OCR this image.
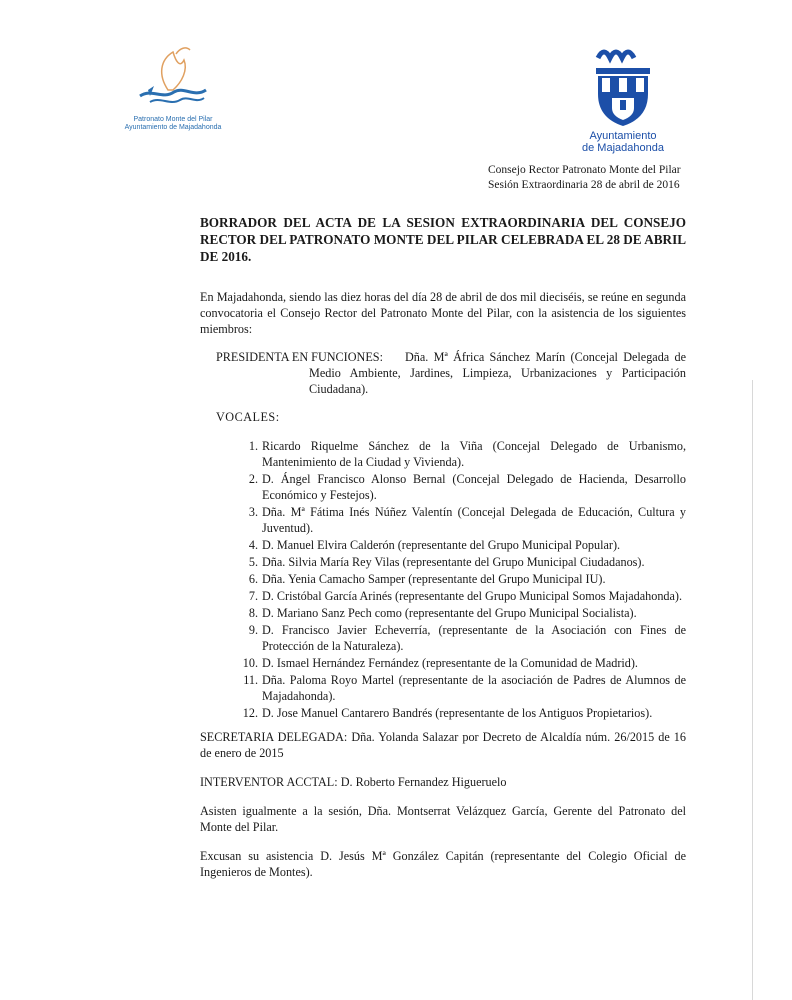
Patronato Monte del Pilar
Ayuntamiento de Majadahonda
Ayuntamiento
de Majadahonda
Consejo Rector Patronato Monte del Pilar
Sesión Extraordinaria 28 de abril de 2016
BORRADOR DEL ACTA DE LA SESION EXTRAORDINARIA DEL CONSEJO RECTOR DEL PATRONATO MONTE DEL PILAR CELEBRADA EL 28 DE ABRIL DE 2016.

En Majadahonda, siendo las diez horas del día 28 de abril de dos mil dieciséis, se reúne en segunda convocatoria el Consejo Rector del Patronato Monte del Pilar, con la asistencia de los siguientes miembros:

PRESIDENTA EN FUNCIONES:	Dña. Mª África Sánchez Marín (Concejal Delegada de Medio Ambiente, Jardines, Limpieza, Urbanizaciones y Participación Ciudadana).
VOCALES:
1. Ricardo Riquelme Sánchez de la Viña (Concejal Delegado de Urbanismo, Mantenimiento de la Ciudad y Vivienda).
2. D. Ángel Francisco Alonso Bernal (Concejal Delegado de Hacienda, Desarrollo Económico y Festejos).
3. Dña. Mª Fátima Inés Núñez Valentín (Concejal Delegada de Educación, Cultura y Juventud).
4. D. Manuel Elvira Calderón (representante del Grupo Municipal Popular).
5. Dña. Silvia María Rey Vilas (representante del Grupo Municipal Ciudadanos).
6. Dña. Yenia Camacho Samper (representante del Grupo Municipal IU).
7. D. Cristóbal García Arinés (representante del Grupo Municipal Somos Majadahonda).
8. D. Mariano Sanz Pech como (representante del Grupo Municipal Socialista).
9. D. Francisco Javier Echeverría, (representante de la Asociación con Fines de Protección de la Naturaleza).
10. D. Ismael Hernández Fernández (representante de la Comunidad de Madrid).
11. Dña. Paloma Royo Martel (representante de la asociación de Padres de Alumnos de Majadahonda).
12. D. Jose Manuel Cantarero Bandrés (representante de los Antiguos Propietarios).

SECRETARIA DELEGADA: Dña. Yolanda Salazar por Decreto de Alcaldía núm. 26/2015 de 16 de enero de 2015

INTERVENTOR ACCTAL: D. Roberto Fernandez Higueruelo

Asisten igualmente a la sesión, Dña. Montserrat Velázquez García, Gerente del Patronato del Monte del Pilar.

Excusan su asistencia D. Jesús Mª González Capitán (representante del Colegio Oficial de Ingenieros de Montes).
